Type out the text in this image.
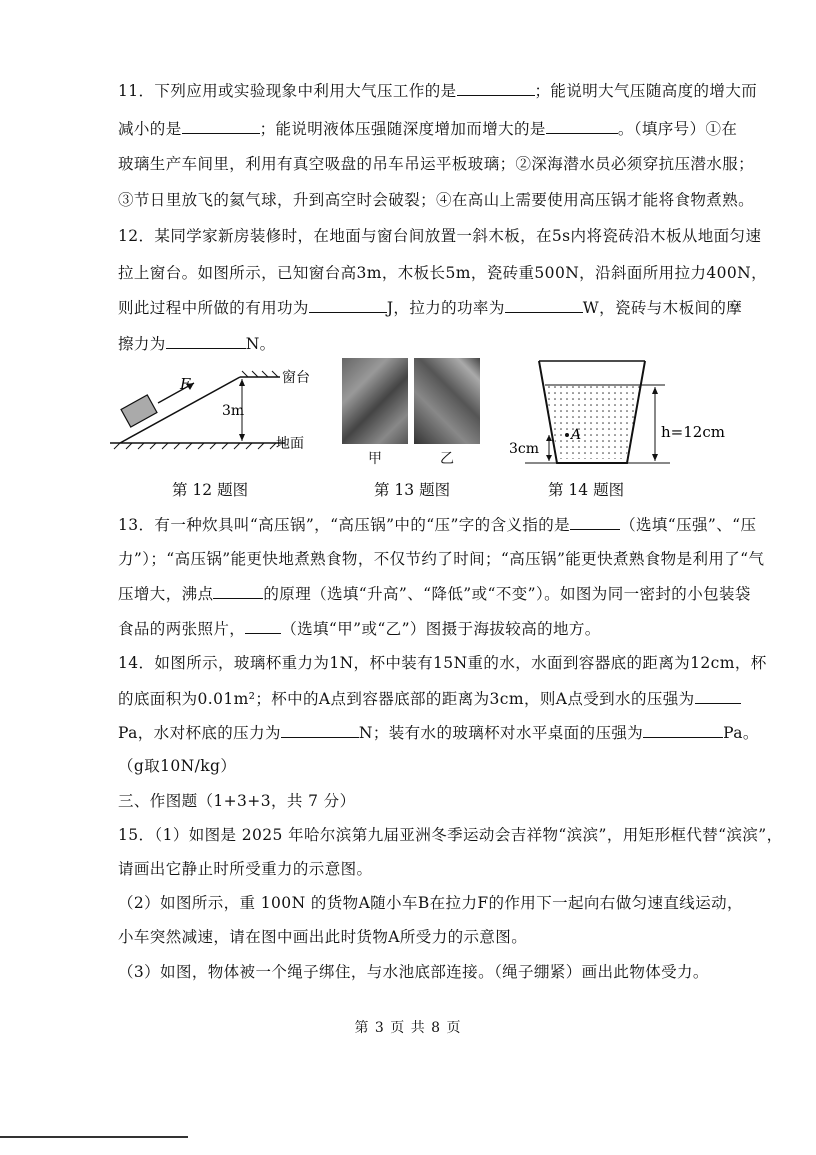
11．下列应用或实验现象中利用大气压工作的是	；能说明大气压随高度的增大而
减小的是	；能说明液体压强随深度增加而增大的是	。（填序号）①在
玻璃生产车间里，利用有真空吸盘的吊车吊运平板玻璃；②深海潜水员必须穿抗压潜水服；
③节日里放飞的氦气球，升到高空时会破裂；④在高山上需要使用高压锅才能将食物煮熟。
12．某同学家新房装修时，在地面与窗台间放置一斜木板，在5s内将瓷砖沿木板从地面匀速
拉上窗台。如图所示，已知窗台高3m，木板长5m，瓷砖重500N，沿斜面所用拉力400N，
则此过程中所做的有用功为	J，拉力的功率为	W，瓷砖与木板间的摩
擦力为	N。
F
3m
窗台
地面
第 12 题图
甲	乙
第 13 题图
h=12cm
A
3cm
第 14 题图
13．有一种炊具叫“高压锅”，“高压锅”中的“压”字的含义指的是	（选填“压强”、“压
力”）；“高压锅”能更快地煮熟食物，不仅节约了时间；“高压锅”能更快煮熟食物是利用了“气
压增大，沸点	的原理（选填“升高”、“降低”或“不变”）。如图为同一密封的小包装袋
食品的两张照片， （选填“甲”或“乙”）图摄于海拔较高的地方。
14．如图所示，玻璃杯重力为1N，杯中装有15N重的水，水面到容器底的距离为12cm，杯
的底面积为0.01m²；杯中的A点到容器底部的距离为3cm，则A点受到水的压强为
Pa，水对杯底的压力为	N；装有水的玻璃杯对水平桌面的压强为	Pa。
（g取10N/kg）
三、作图题（1+3+3，共 7 分）
15．（1）如图是 2025 年哈尔滨第九届亚洲冬季运动会吉祥物“滨滨”，用矩形框代替“滨滨”，
请画出它静止时所受重力的示意图。
（2）如图所示，重 100N 的货物A随小车B在拉力F的作用下一起向右做匀速直线运动，
小车突然减速，请在图中画出此时货物A所受力的示意图。
（3）如图，物体被一个绳子绑住，与水池底部连接。（绳子绷紧）画出此物体受力。
第 3 页 共 8 页
